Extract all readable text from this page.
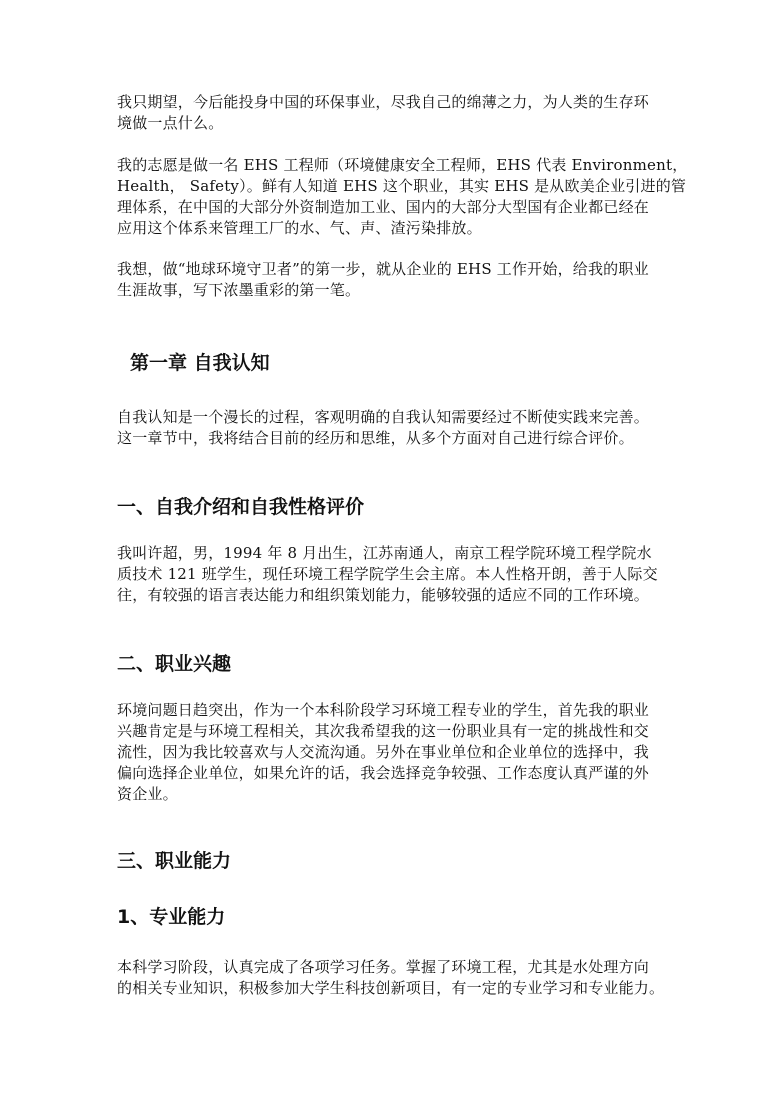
我只期望，今后能投身中国的环保事业，尽我自己的绵薄之力，为人类的生存环
境做一点什么。

我的志愿是做一名 EHS 工程师（环境健康安全工程师，EHS 代表 Environment，
Health， Safety）。鲜有人知道 EHS 这个职业，其实 EHS 是从欧美企业引进的管
理体系，在中国的大部分外资制造加工业、国内的大部分大型国有企业都已经在
应用这个体系来管理工厂的水、气、声、渣污染排放。

我想，做“地球环境守卫者”的第一步，就从企业的 EHS 工作开始，给我的职业
生涯故事，写下浓墨重彩的第一笔。

第一章 自我认知

自我认知是一个漫长的过程，客观明确的自我认知需要经过不断使实践来完善。
这一章节中，我将结合目前的经历和思维，从多个方面对自己进行综合评价。

一、自我介绍和自我性格评价

我叫许超，男，1994 年 8 月出生，江苏南通人，南京工程学院环境工程学院水
质技术 121 班学生，现任环境工程学院学生会主席。本人性格开朗，善于人际交
往，有较强的语言表达能力和组织策划能力，能够较强的适应不同的工作环境。

二、职业兴趣

环境问题日趋突出，作为一个本科阶段学习环境工程专业的学生，首先我的职业
兴趣肯定是与环境工程相关，其次我希望我的这一份职业具有一定的挑战性和交
流性，因为我比较喜欢与人交流沟通。另外在事业单位和企业单位的选择中，我
偏向选择企业单位，如果允许的话，我会选择竞争较强、工作态度认真严谨的外
资企业。

三、职业能力
1、专业能力

本科学习阶段，认真完成了各项学习任务。掌握了环境工程，尤其是水处理方向
的相关专业知识，积极参加大学生科技创新项目，有一定的专业学习和专业能力。
